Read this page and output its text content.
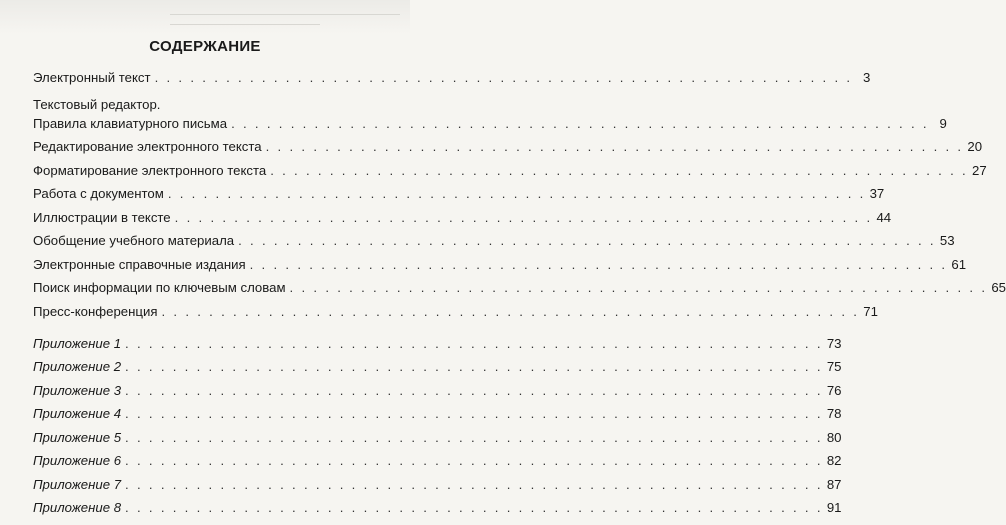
СОДЕРЖАНИЕ
Электронный текст . . . . . . . . . . . . . . . . . . . . . . . . . . . . . . . . . . . . . . . . . . . . . . . . . . . . . . . . . . . 3
Текстовый редактор.
Правила клавиатурного письма . . . . . . . . . . . . . . . . . . . . . . . . . . . . . . . . . . . . . . . . . . . . . . . . . . . . . . . . . . . 9
Редактирование электронного текста . . . . . . . . . . . . . . . . . . . . . . . . . . . . . . . . . . . . . . . . . . . . . . . . . . . . . . . . . . . 20
Форматирование электронного текста . . . . . . . . . . . . . . . . . . . . . . . . . . . . . . . . . . . . . . . . . . . . . . . . . . . . . . . . . . . 27
Работа с документом . . . . . . . . . . . . . . . . . . . . . . . . . . . . . . . . . . . . . . . . . . . . . . . . . . . . . . . . . . . 37
Иллюстрации в тексте . . . . . . . . . . . . . . . . . . . . . . . . . . . . . . . . . . . . . . . . . . . . . . . . . . . . . . . . . . . 44
Обобщение учебного материала . . . . . . . . . . . . . . . . . . . . . . . . . . . . . . . . . . . . . . . . . . . . . . . . . . . . . . . . . . . 53
Электронные справочные издания . . . . . . . . . . . . . . . . . . . . . . . . . . . . . . . . . . . . . . . . . . . . . . . . . . . . . . . . . . . 61
Поиск информации по ключевым словам . . . . . . . . . . . . . . . . . . . . . . . . . . . . . . . . . . . . . . . . . . . . . . . . . . . . . . . . . . . 65
Пресс-конференция . . . . . . . . . . . . . . . . . . . . . . . . . . . . . . . . . . . . . . . . . . . . . . . . . . . . . . . . . . . 71
Приложение 1 . . . . . . . . . . . . . . . . . . . . . . . . . . . . . . . . . . . . . . . . . . . . . . . . . . . . . . . . . . . 73
Приложение 2 . . . . . . . . . . . . . . . . . . . . . . . . . . . . . . . . . . . . . . . . . . . . . . . . . . . . . . . . . . . 75
Приложение 3 . . . . . . . . . . . . . . . . . . . . . . . . . . . . . . . . . . . . . . . . . . . . . . . . . . . . . . . . . . . 76
Приложение 4 . . . . . . . . . . . . . . . . . . . . . . . . . . . . . . . . . . . . . . . . . . . . . . . . . . . . . . . . . . . 78
Приложение 5 . . . . . . . . . . . . . . . . . . . . . . . . . . . . . . . . . . . . . . . . . . . . . . . . . . . . . . . . . . . 80
Приложение 6 . . . . . . . . . . . . . . . . . . . . . . . . . . . . . . . . . . . . . . . . . . . . . . . . . . . . . . . . . . . 82
Приложение 7 . . . . . . . . . . . . . . . . . . . . . . . . . . . . . . . . . . . . . . . . . . . . . . . . . . . . . . . . . . . 87
Приложение 8 . . . . . . . . . . . . . . . . . . . . . . . . . . . . . . . . . . . . . . . . . . . . . . . . . . . . . . . . . . . 91
